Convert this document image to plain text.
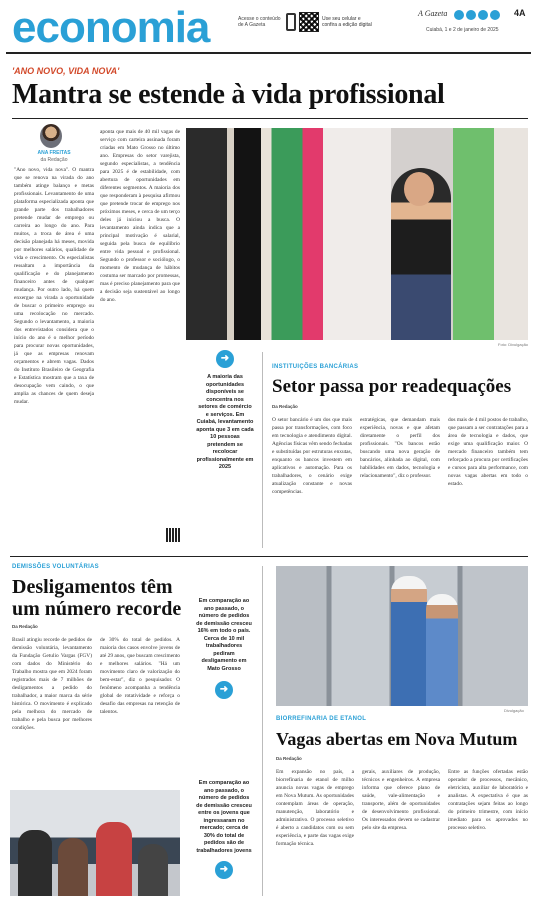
economia	Acesse o conteúdo de A Gazeta
Use seu celular e confira a edição digital
A Gazeta	4A
Cuiabá, 1 e 2 de janeiro de 2025
'ANO NOVO, VIDA NOVA'
Mantra se estende à vida profissional
ANA FREITAS
da Redação
"Ano novo, vida nova". O mantra que se renova na virada do ano também atinge balanço e metas profissionais. Levantamento de uma plataforma especializada aponta que grande parte dos trabalhadores pretende mudar de emprego ou carreira ao longo do ano. Para muitos, a troca de área é uma decisão planejada há meses, movida por melhores salários, qualidade de vida e crescimento. Os especialistas ressaltam a importância da qualificação e do planejamento financeiro antes de qualquer mudança. Por outro lado, há quem enxergue na virada a oportunidade de buscar o primeiro emprego ou uma recolocação no mercado. Segundo o levantamento, a maioria dos entrevistados considera que o início do ano é o melhor período para procurar novas oportunidades, já que as empresas renovam orçamentos e abrem vagas. Dados do Instituto Brasileiro de Geografia e Estatística mostram que a taxa de desocupação vem caindo, o que amplia as chances de quem deseja mudar.
aponta que mais de 40 mil vagas de serviço com carteira assinada foram criadas em Mato Grosso no último ano. Empresas do setor varejista, segundo especialistas, a tendência para 2025 é de estabilidade, com abertura de oportunidades em diferentes segmentos. A maioria dos que responderam à pesquisa afirmou que pretende trocar de emprego nos próximos meses, e cerca de um terço deles já iniciou a busca. O levantamento ainda indica que a principal motivação é salarial, seguida pela busca de equilíbrio entre vida pessoal e profissional. Segundo o professor e sociólogo, o momento de mudança de hábitos costuma ser marcado por promessas, mas é preciso planejamento para que a decisão seja sustentável ao longo do ano.
Foto: Divulgação
➜
A maioria das oportunidades disponíveis se concentra nos setores de comércio e serviços. Em Cuiabá, levantamento aponta que 3 em cada 10 pessoas pretendem se recolocar profissionalmente em 2025
INSTITUIÇÕES BANCÁRIAS
Setor passa por readequações
Da Redação
O setor bancário é um dos que mais passa por transformações, com foco em tecnologia e atendimento digital. Agências físicas vêm sendo fechadas e substituídas por estruturas enxutas, enquanto os bancos investem em aplicativos e automação. Para os trabalhadores, o cenário exige atualização constante e novas competências.
estratégicas, que demandam mais experiência, novas e que afetam diretamente o perfil dos profissionais. "Os bancos estão buscando uma nova geração de bancários, alinhada ao digital, com habilidades em dados, tecnologia e relacionamento", diz o professor.
dos mais de 4 mil postos de trabalho, que passam a ser contratações para a área de tecnologia e dados, que exige uma qualificação maior. O mercado financeiro também tem reforçado a procura por certificações e cursos para alta performance, com novas vagas abertas em todo o estado.
DEMISSÕES VOLUNTÁRIAS
Desligamentos têm um número recorde
Da Redação
Brasil atingiu recorde de pedidos de demissão voluntária, levantamento da Fundação Getulio Vargas (FGV) com dados do Ministério do Trabalho mostra que em 2024 foram registrados mais de 7 milhões de desligamentos a pedido do trabalhador, a maior marca da série histórica. O movimento é explicado pela melhora do mercado de trabalho e pela busca por melhores condições.
de 30% do total de pedidos. A maioria dos casos envolve jovens de até 29 anos, que buscam crescimento e melhores salários. "Há um movimento claro de valorização do bem-estar", diz o pesquisador. O fenômeno acompanha a tendência global de rotatividade e reforça o desafio das empresas na retenção de talentos.
Em comparação ao ano passado, o número de pedidos de demissão cresceu 16% em todo o país. Cerca de 10 mil trabalhadores pediram desligamento em Mato Grosso
➜
Divulgação
BIORREFINARIA DE ETANOL
Vagas abertas em Nova Mutum
Da Redação
Em expansão no país, a biorrefinaria de etanol de milho anuncia novas vagas de emprego em Nova Mutum. As oportunidades contemplam áreas de operação, manutenção, laboratório e administrativo. O processo seletivo é aberto a candidatos com ou sem experiência, e parte das vagas exige formação técnica.
gerais, auxiliares de produção, técnicos e engenheiros. A empresa informa que oferece plano de saúde, vale-alimentação e transporte, além de oportunidades de desenvolvimento profissional. Os interessados devem se cadastrar pelo site da empresa.
Entre as funções ofertadas estão operador de processos, mecânico, eletricista, auxiliar de laboratório e analistas. A expectativa é que as contratações sejam feitas ao longo do primeiro trimestre, com início imediato para os aprovados no processo seletivo.
Em comparação ao ano passado, o número de pedidos de demissão cresceu entre os jovens que ingressaram no mercado; cerca de 30% do total de pedidos são de trabalhadores jovens
➜
